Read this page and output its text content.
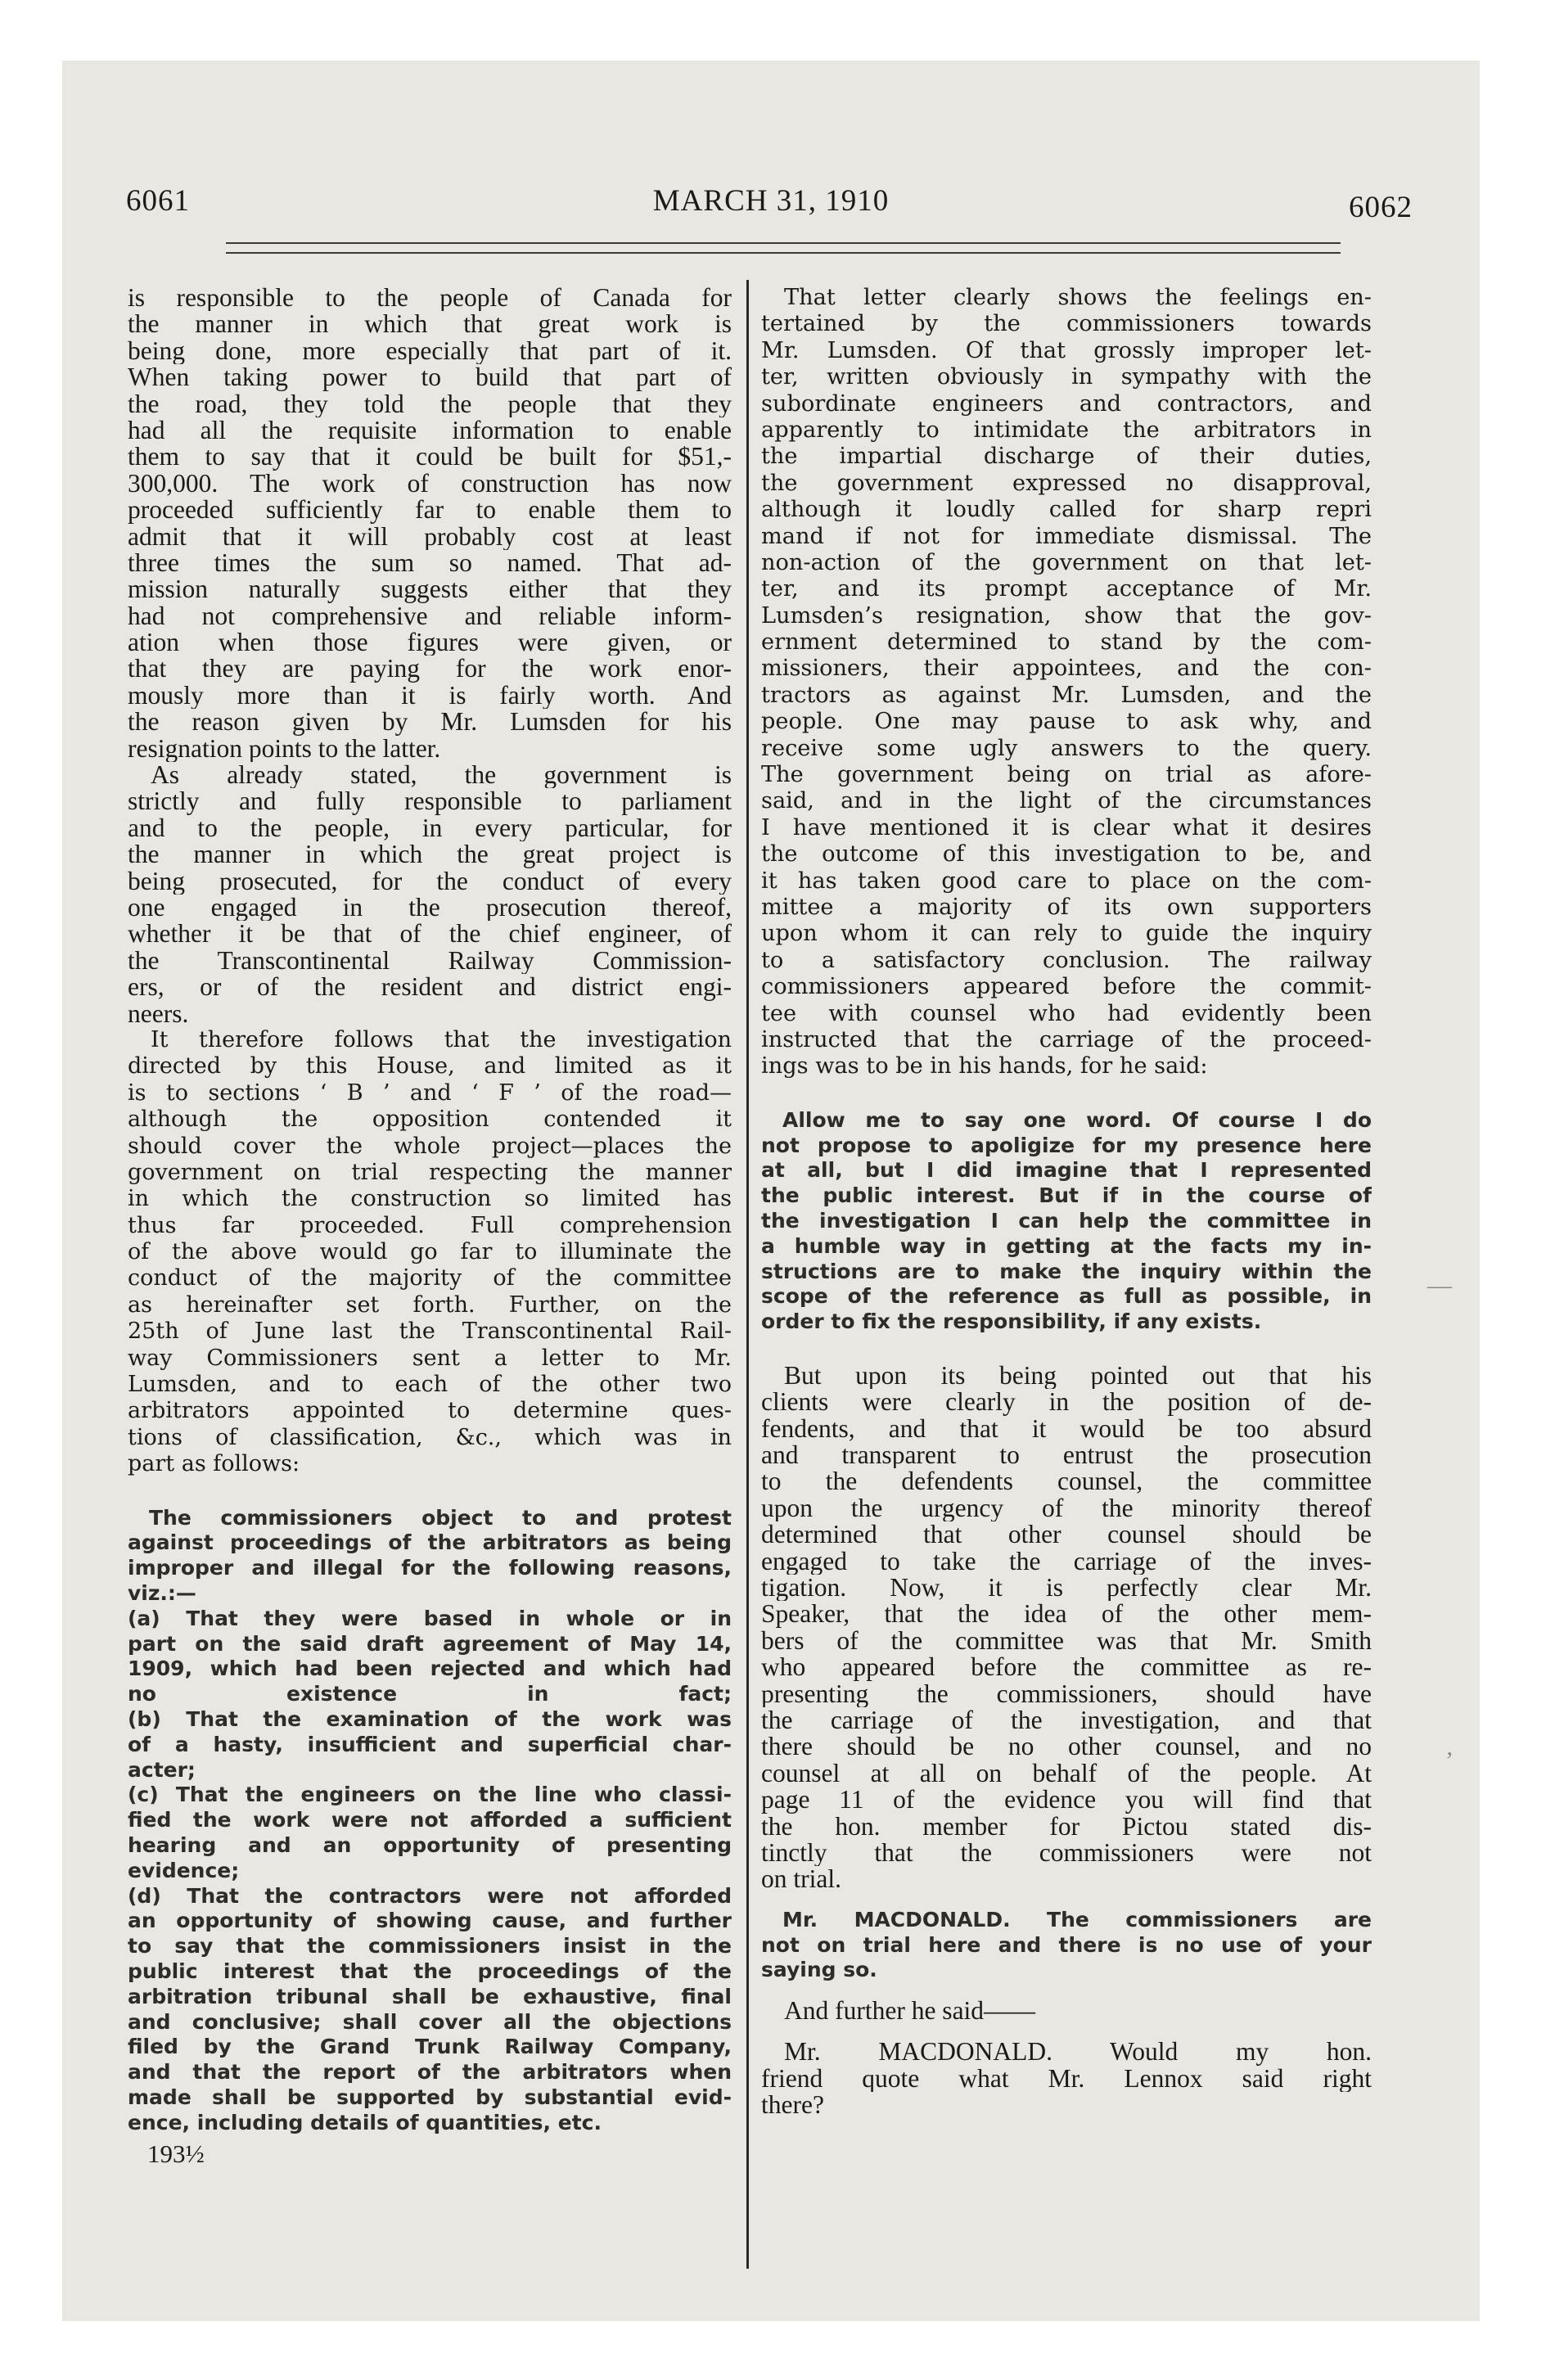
6061	MARCH 31, 1910	6062
is responsible to the people of Canada for
the manner in which that great work is
being done, more especially that part of it.
When taking power to build that part of
the road, they told the people that they
had all the requisite information to enable
them to say that it could be built for $51,-
300,000. The work of construction has now
proceeded sufficiently far to enable them to
admit that it will probably cost at least
three times the sum so named. That ad-
mission naturally suggests either that they
had not comprehensive and reliable inform-
ation when those figures were given, or
that they are paying for the work enor-
mously more than it is fairly worth. And
the reason given by Mr. Lumsden for his
resignation points to the latter.
As already stated, the government is
strictly and fully responsible to parliament
and to the people, in every particular, for
the manner in which the great project is
being prosecuted, for the conduct of every
one engaged in the prosecution thereof,
whether it be that of the chief engineer, of
the Transcontinental Railway Commission-
ers, or of the resident and district engi-
neers.
It therefore follows that the investigation
directed by this House, and limited as it
is to sections ‘ B ’ and ‘ F ’ of the road—
although the opposition contended it
should cover the whole project—places the
government on trial respecting the manner
in which the construction so limited has
thus far proceeded. Full comprehension
of the above would go far to illuminate the
conduct of the majority of the committee
as hereinafter set forth. Further, on the
25th of June last the Transcontinental Rail-
way Commissioners sent a letter to Mr.
Lumsden, and to each of the other two
arbitrators appointed to determine ques-
tions of classification, &c., which was in
part as follows:
The commissioners object to and protest
against proceedings of the arbitrators as being
improper and illegal for the following reasons,
viz.:—
(a) That they were based in whole or in
part on the said draft agreement of May 14,
1909, which had been rejected and which had
no existence in fact;
(b) That the examination of the work was
of a hasty, insufficient and superficial char-
acter;
(c) That the engineers on the line who classi-
fied the work were not afforded a sufficient
hearing and an opportunity of presenting
evidence;
(d) That the contractors were not afforded
an opportunity of showing cause, and further
to say that the commissioners insist in the
public interest that the proceedings of the
arbitration tribunal shall be exhaustive, final
and conclusive; shall cover all the objections
filed by the Grand Trunk Railway Company,
and that the report of the arbitrators when
made shall be supported by substantial evid-
ence, including details of quantities, etc.
193½
That letter clearly shows the feelings en-
tertained by the commissioners towards
Mr. Lumsden. Of that grossly improper let-
ter, written obviously in sympathy with the
subordinate engineers and contractors, and
apparently to intimidate the arbitrators in
the impartial discharge of their duties,
the government expressed no disapproval,
although it loudly called for sharp repri
mand if not for immediate dismissal. The
non-action of the government on that let-
ter, and its prompt acceptance of Mr.
Lumsden’s resignation, show that the gov-
ernment determined to stand by the com-
missioners, their appointees, and the con-
tractors as against Mr. Lumsden, and the
people. One may pause to ask why, and
receive some ugly answers to the query.
The government being on trial as afore-
said, and in the light of the circumstances
I have mentioned it is clear what it desires
the outcome of this investigation to be, and
it has taken good care to place on the com-
mittee a majority of its own supporters
upon whom it can rely to guide the inquiry
to a satisfactory conclusion. The railway
commissioners appeared before the commit-
tee with counsel who had evidently been
instructed that the carriage of the proceed-
ings was to be in his hands, for he said:
Allow me to say one word. Of course I do
not propose to apoligize for my presence here
at all, but I did imagine that I represented
the public interest. But if in the course of
the investigation I can help the committee in
a humble way in getting at the facts my in-
structions are to make the inquiry within the
scope of the reference as full as possible, in
order to fix the responsibility, if any exists.
But upon its being pointed out that his
clients were clearly in the position of de-
fendents, and that it would be too absurd
and transparent to entrust the prosecution
to the defendents counsel, the committee
upon the urgency of the minority thereof
determined that other counsel should be
engaged to take the carriage of the inves-
tigation. Now, it is perfectly clear Mr.
Speaker, that the idea of the other mem-
bers of the committee was that Mr. Smith
who appeared before the committee as re-
presenting the commissioners, should have
the carriage of the investigation, and that
there should be no other counsel, and no
counsel at all on behalf of the people. At
page 11 of the evidence you will find that
the hon. member for Pictou stated dis-
tinctly that the commissioners were not
on trial.
Mr. MACDONALD. The commissioners are
not on trial here and there is no use of your
saying so.
And further he said——
Mr. MACDONALD. Would my hon.
friend quote what Mr. Lennox said right
there?
—
‚
